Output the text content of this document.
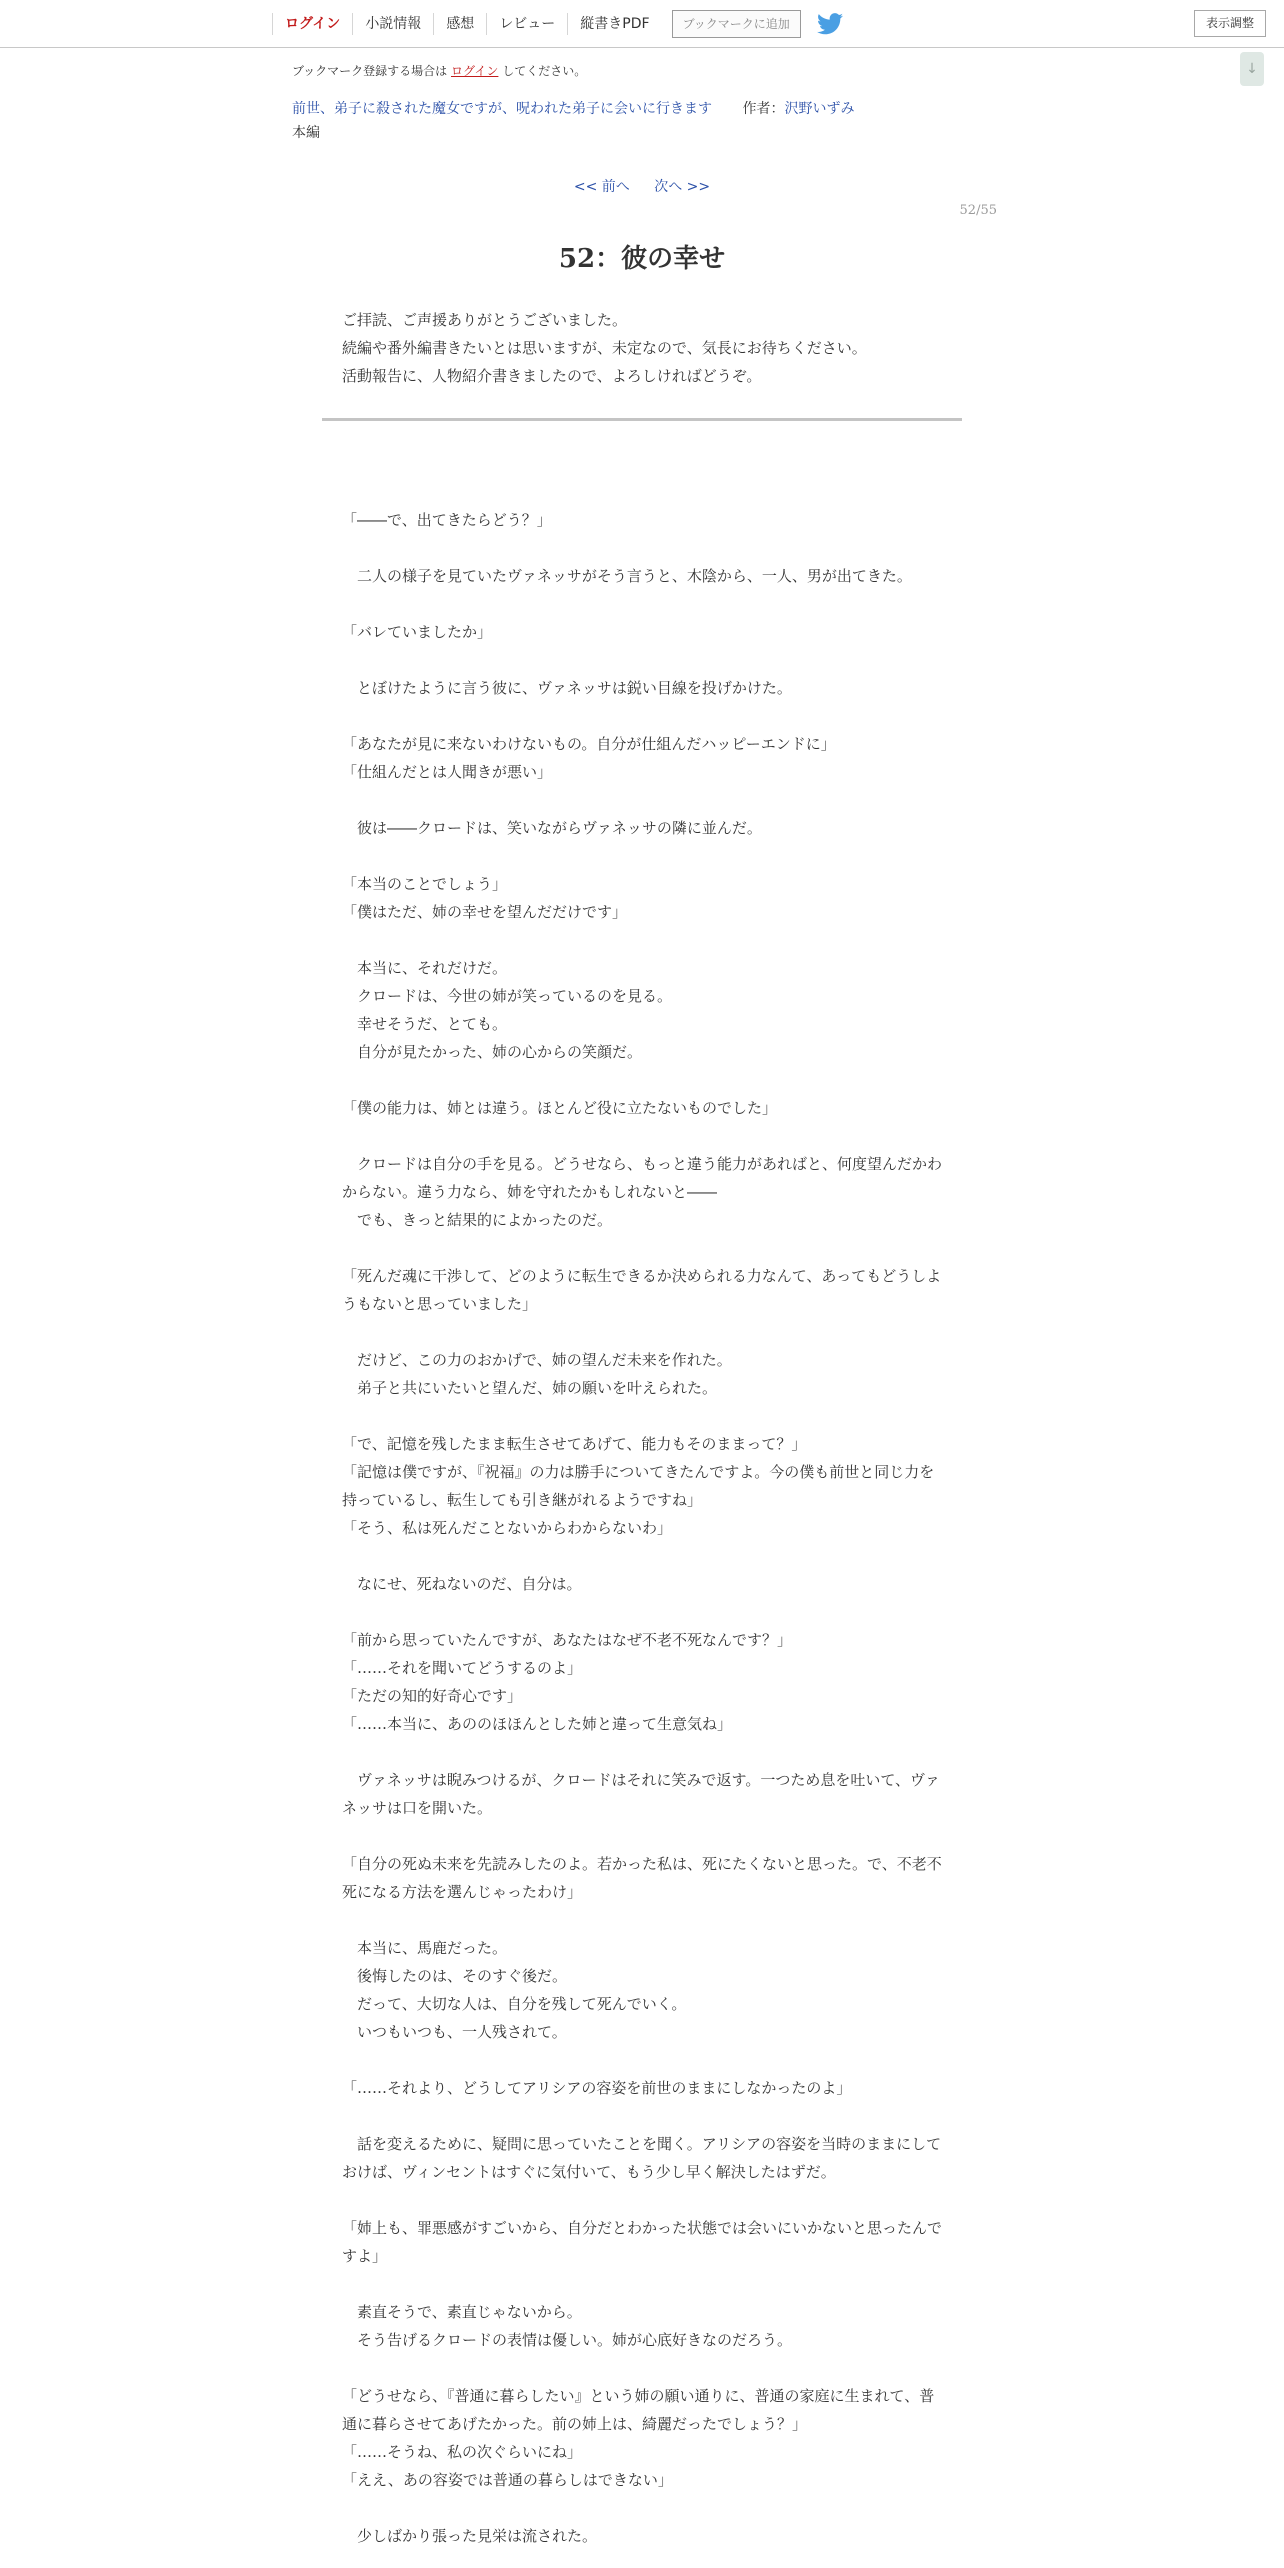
ログイン	小説情報	感想	レビュー	縦書きPDF	ブックマークに追加	表示調整
↓
ブックマーク登録する場合は ログイン してください。
前世、弟子に殺された魔女ですが、呪われた弟子に会いに行きます 作者：沢野いずみ
本編
<< 前へ 次へ >>
52/55
52：彼の幸せ

ご拝読、ご声援ありがとうございました。

続編や番外編書きたいとは思いますが、未定なので、気長にお待ちください。

活動報告に、人物紹介書きましたので、よろしければどうぞ。

「――で、出てきたらどう？」

　二人の様子を見ていたヴァネッサがそう言うと、木陰から、一人、男が出てきた。

「バレていましたか」

　とぼけたように言う彼に、ヴァネッサは鋭い目線を投げかけた。

「あなたが見に来ないわけないもの。自分が仕組んだハッピーエンドに」

「仕組んだとは人聞きが悪い」

　彼は――クロードは、笑いながらヴァネッサの隣に並んだ。

「本当のことでしょう」

「僕はただ、姉の幸せを望んだだけです」

　本当に、それだけだ。

　クロードは、今世の姉が笑っているのを見る。

　幸せそうだ、とても。

　自分が見たかった、姉の心からの笑顔だ。

「僕の能力は、姉とは違う。ほとんど役に立たないものでした」

　クロードは自分の手を見る。どうせなら、もっと違う能力があればと、何度望んだかわからない。違う力なら、姉を守れたかもしれないと――

　でも、きっと結果的によかったのだ。

「死んだ魂に干渉して、どのように転生できるか決められる力なんて、あってもどうしようもないと思っていました」

　だけど、この力のおかげで、姉の望んだ未来を作れた。

　弟子と共にいたいと望んだ、姉の願いを叶えられた。

「で、記憶を残したまま転生させてあげて、能力もそのままって？」

「記憶は僕ですが、『祝福』の力は勝手についてきたんですよ。今の僕も前世と同じ力を持っているし、転生しても引き継がれるようですね」

「そう、私は死んだことないからわからないわ」

　なにせ、死ねないのだ、自分は。

「前から思っていたんですが、あなたはなぜ不老不死なんです？」

「……それを聞いてどうするのよ」

「ただの知的好奇心です」

「……本当に、あののほほんとした姉と違って生意気ね」

　ヴァネッサは睨みつけるが、クロードはそれに笑みで返す。一つため息を吐いて、ヴァネッサは口を開いた。

「自分の死ぬ未来を先読みしたのよ。若かった私は、死にたくないと思った。で、不老不死になる方法を選んじゃったわけ」

　本当に、馬鹿だった。

　後悔したのは、そのすぐ後だ。

　だって、大切な人は、自分を残して死んでいく。

　いつもいつも、一人残されて。

「……それより、どうしてアリシアの容姿を前世のままにしなかったのよ」

　話を変えるために、疑問に思っていたことを聞く。アリシアの容姿を当時のままにしておけば、ヴィンセントはすぐに気付いて、もう少し早く解決したはずだ。

「姉上も、罪悪感がすごいから、自分だとわかった状態では会いにいかないと思ったんですよ」

　素直そうで、素直じゃないから。

　そう告げるクロードの表情は優しい。姉が心底好きなのだろう。

「どうせなら、『普通に暮らしたい』という姉の願い通りに、普通の家庭に生まれて、普通に暮らさせてあげたかった。前の姉上は、綺麗だったでしょう？」

「……そうね、私の次ぐらいにね」

「ええ、あの容姿では普通の暮らしはできない」

　少しばかり張った見栄は流された。
